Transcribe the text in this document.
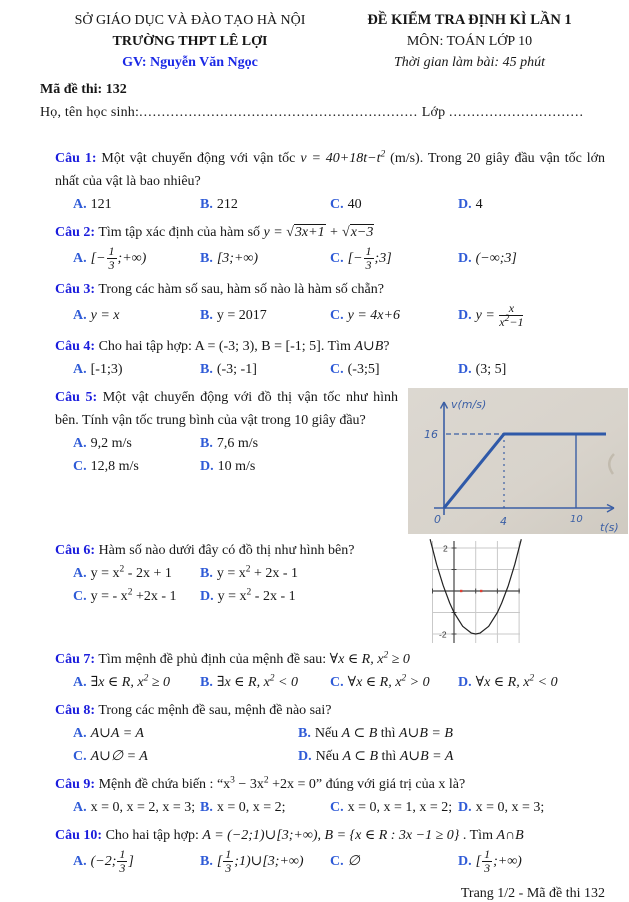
SỞ GIÁO DỤC VÀ ĐÀO TẠO HÀ NỘI
TRƯỜNG THPT LÊ LỢI
GV: Nguyễn Văn Ngọc
ĐỀ KIỂM TRA ĐỊNH KÌ LẦN 1
MÔN: TOÁN LỚP 10
Thời gian làm bài: 45 phút
Mã đề thi: 132
Họ, tên học sinh:.............................................................. Lớp ..............................

Câu 1: Một vật chuyển động với vận tốc $v = 40+18t-t^2$ (m/s). Trong 20 giây đầu vận tốc lớn nhất của vật là bao nhiêu?

A. 121	B. 212	C. 40	D. 4

Câu 2: Tìm tập xác định của hàm số y = √3x+1 + √x−3

A. [− $\frac{1}{3}$ ;+∞)	B. [3;+∞)	C. [− $\frac{1}{3}$ ;3]	D. (−∞;3]

Câu 3: Trong các hàm số sau, hàm số nào là hàm số chẵn?

A. y = x	B. y = 2017	C. y = 4x+6	D. $y = \frac{x}{x^2-1}$

Câu 4: Cho hai tập hợp: A = (-3; 3), B = [-1; 5]. Tìm A∪B?

A. [-1;3)	B. (-3; -1]	C. (-3;5]	D. (3; 5]
v(m/s)
16
0	4	10
t(s)

Câu 5: Một vật chuyển động với đồ thị vận tốc như hình bên. Tính vận tốc trung bình của vật trong 10 giây đầu?

A. 9,2 m/s	B. 7,6 m/s
C. 12,8 m/s	D. 10 m/s
2
-2

Câu 6: Hàm số nào dưới đây có đồ thị như hình bên?

A. $y = x^2 - 2x + 1$	B. $y = x^2 + 2x - 1$
C. y = - $x^2 +2x - 1$	D. $y = x^2 - 2x - 1$

Câu 7: Tìm mệnh đề phủ định của mệnh đề sau: ∀x ∈ R, $x^2 \ge 0$

A. ∃x ∈ R, $x^2 \ge 0$	B. ∃x ∈ R, $x^2 < 0$	C. ∀x ∈ R, $x^2 > 0$	D. ∀x ∈ R, $x^2 < 0$

Câu 8: Trong các mệnh đề sau, mệnh đề nào sai?

A. A∪A = A	B. Nếu A ⊂ B thì A∪B = B
C. A∪∅ = A	D. Nếu A ⊂ B thì A∪B = A

Câu 9: Mệnh đề chứa biến : “$x^3 - 3x^2 +2x = 0$” đúng với giá trị của x là?

A. x = 0, x = 2, x = 3; B. x = 0, x = 2;	C. x = 0, x = 1, x = 2; D. x = 0, x = 3;

Câu 10: Cho hai tập hợp: A = (−2;1)∪[3;+∞), B = {x ∈ R : 3x −1 ≥ 0} . Tìm A∩B

A. (−2; $\frac{1}{3}$ ]	B. [ $\frac{1}{3}$ ;1)∪[3;+∞)	C. ∅	D. [ $\frac{1}{3}$ ;+∞)
Trang 1/2 - Mã đề thi 132
